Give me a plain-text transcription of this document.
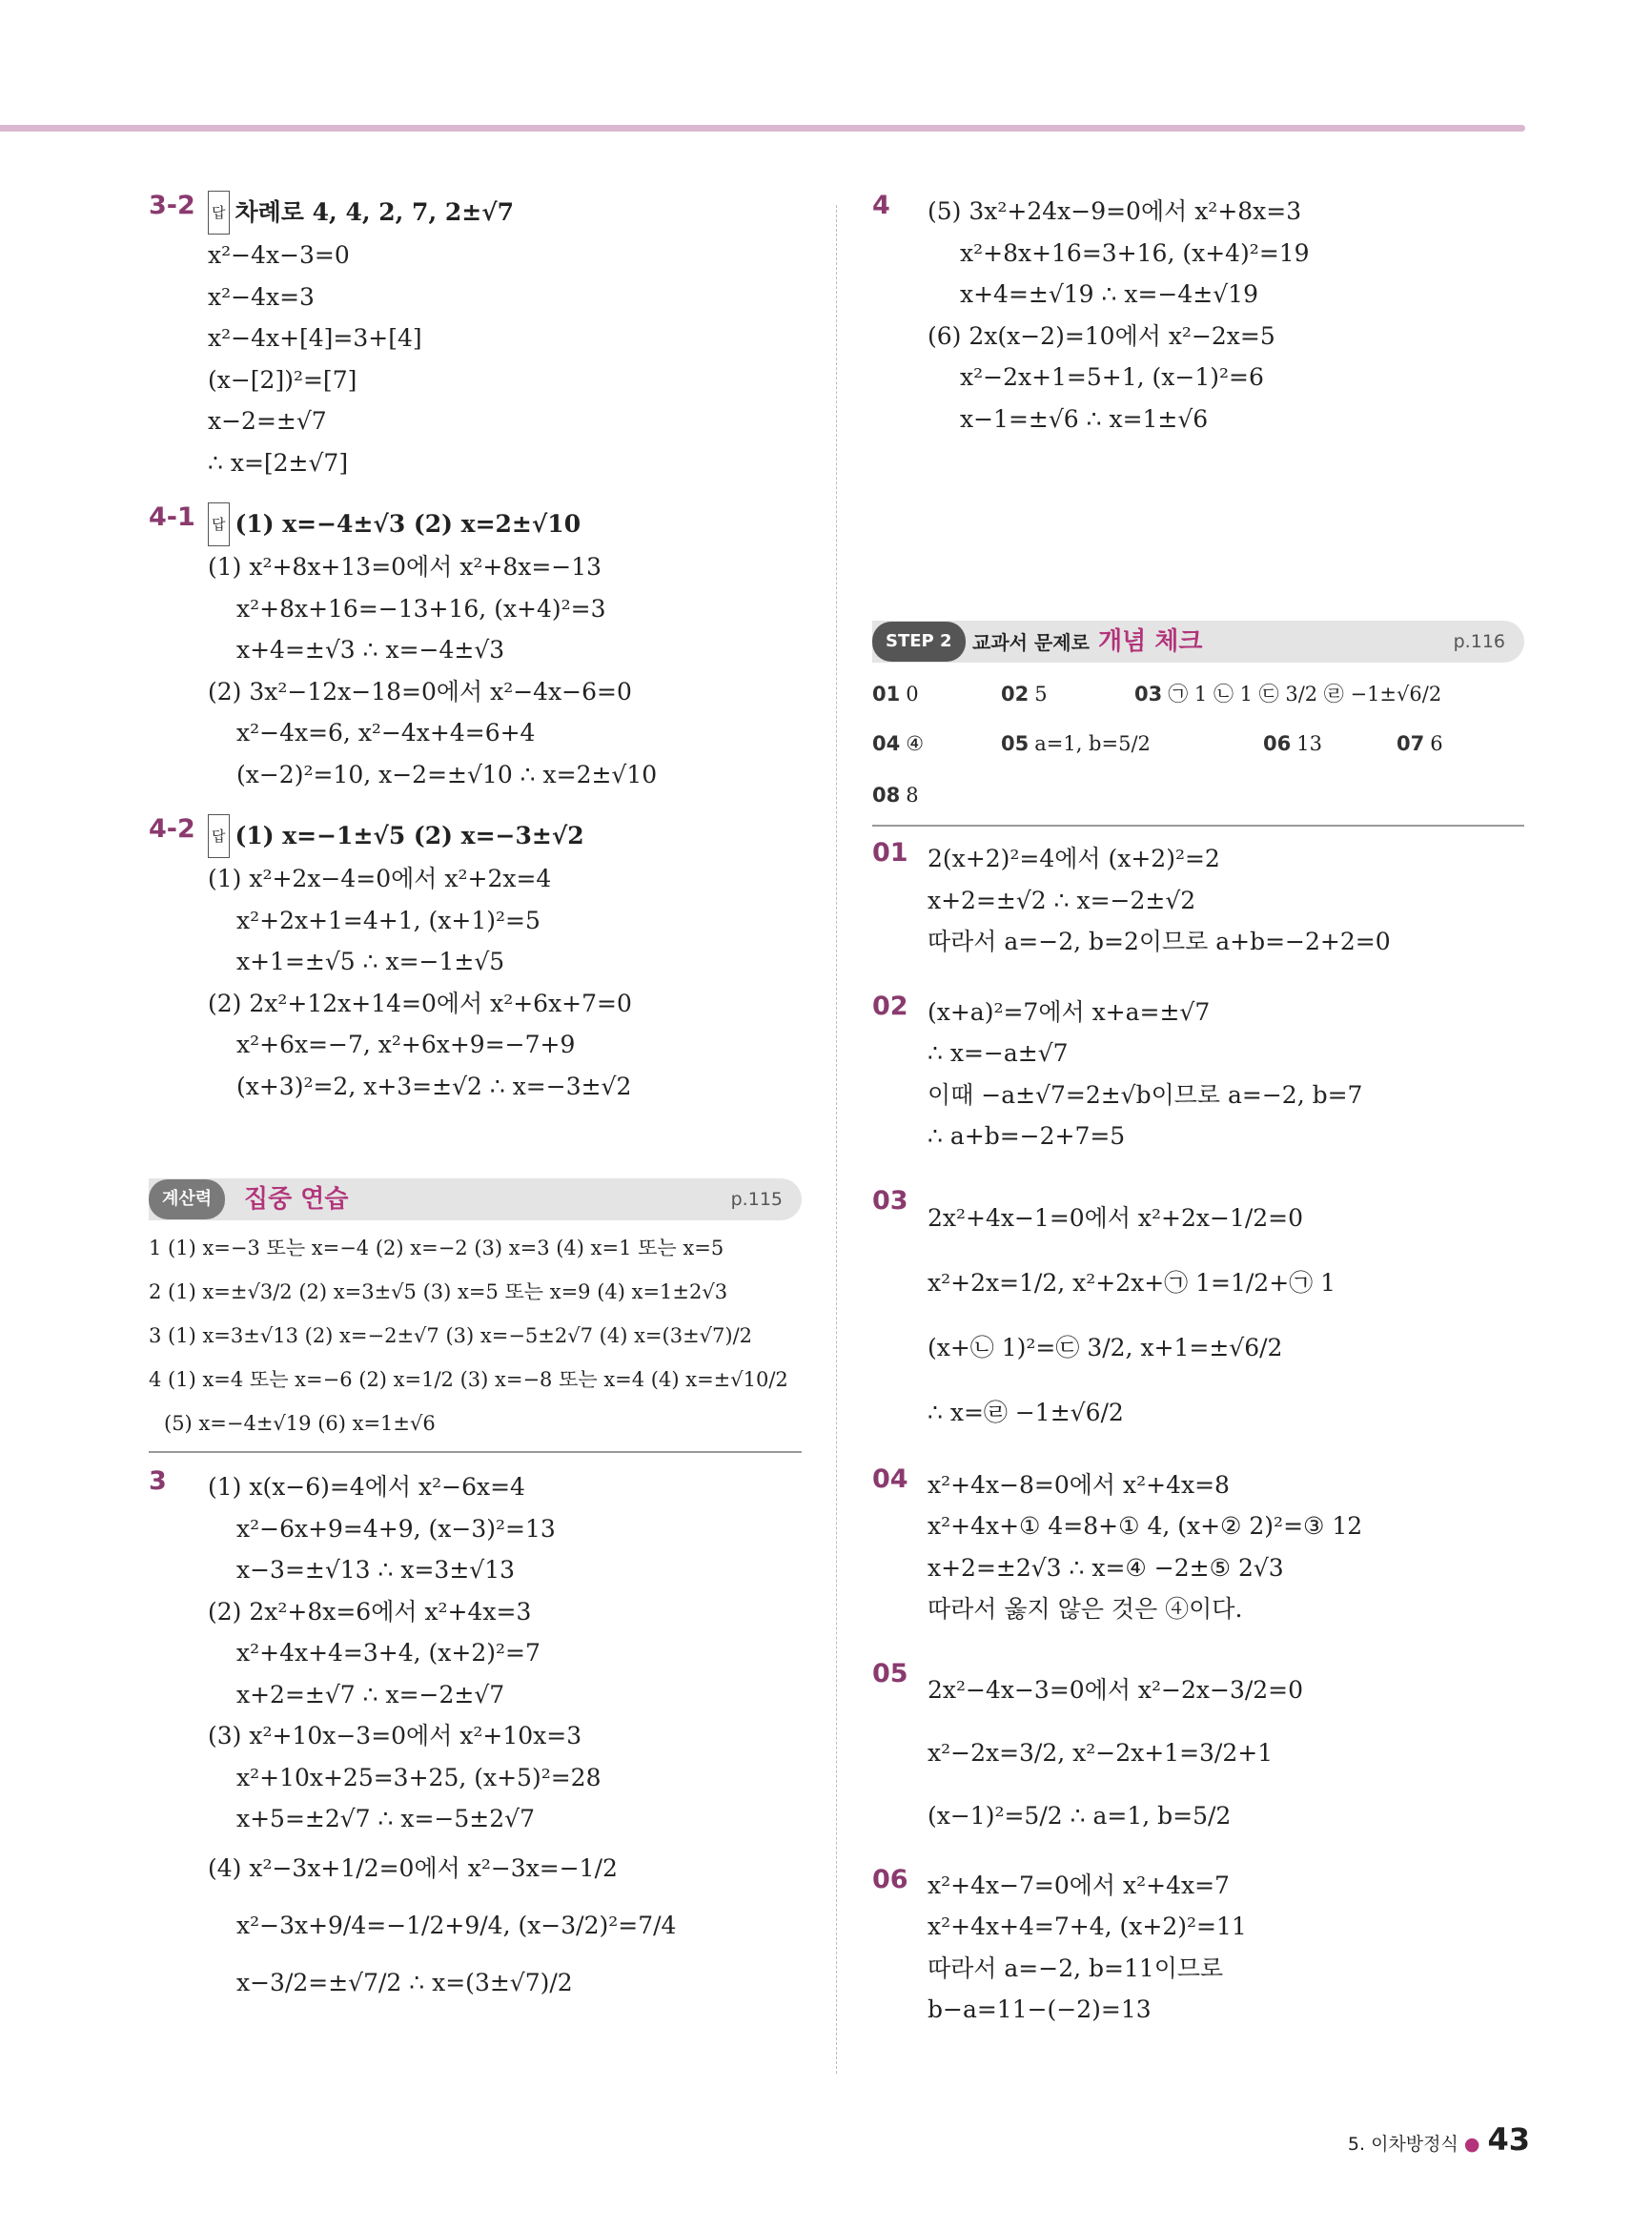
3-2 답 차례로 4, 4, 2, 7, 2±√7
x²−4x−3=0
x²−4x=3
x²−4x+[4]=3+[4]
(x−[2])²=[7]
x−2=±√7
∴ x=[2±√7]
4-1 답 (1) x=−4±√3 (2) x=2±√10
(1) x²+8x+13=0에서 x²+8x=−13
x²+8x+16=−13+16, (x+4)²=3
x+4=±√3 ∴ x=−4±√3
(2) 3x²−12x−18=0에서 x²−4x−6=0
x²−4x=6, x²−4x+4=6+4
(x−2)²=10, x−2=±√10 ∴ x=2±√10
4-2 답 (1) x=−1±√5 (2) x=−3±√2
(1) x²+2x−4=0에서 x²+2x=4
x²+2x+1=4+1, (x+1)²=5
x+1=±√5 ∴ x=−1±√5
(2) 2x²+12x+14=0에서 x²+6x+7=0
x²+6x=−7, x²+6x+9=−7+9
(x+3)²=2, x+3=±√2 ∴ x=−3±√2
계산력	집중 연습	p.115
1 (1) x=−3 또는 x=−4 (2) x=−2 (3) x=3 (4) x=1 또는 x=5
2 (1) x=±√3/2 (2) x=3±√5 (3) x=5 또는 x=9 (4) x=1±2√3
3 (1) x=3±√13 (2) x=−2±√7 (3) x=−5±2√7 (4) x=(3±√7)/2
4 (1) x=4 또는 x=−6 (2) x=1/2 (3) x=−8 또는 x=4 (4) x=±√10/2
(5) x=−4±√19 (6) x=1±√6
3 (1) x(x−6)=4에서 x²−6x=4
x²−6x+9=4+9, (x−3)²=13
x−3=±√13 ∴ x=3±√13
(2) 2x²+8x=6에서 x²+4x=3
x²+4x+4=3+4, (x+2)²=7
x+2=±√7 ∴ x=−2±√7
(3) x²+10x−3=0에서 x²+10x=3
x²+10x+25=3+25, (x+5)²=28
x+5=±2√7 ∴ x=−5±2√7
(4) x²−3x+1/2=0에서 x²−3x=−1/2
x²−3x+9/4=−1/2+9/4, (x−3/2)²=7/4
x−3/2=±√7/2 ∴ x=(3±√7)/2
4 (5) 3x²+24x−9=0에서 x²+8x=3
x²+8x+16=3+16, (x+4)²=19
x+4=±√19 ∴ x=−4±√19
(6) 2x(x−2)=10에서 x²−2x=5
x²−2x+1=5+1, (x−1)²=6
x−1=±√6 ∴ x=1±√6
STEP 2	교과서 문제로 개념 체크	p.116
01 0	02 5	03 ㉠ 1 ㉡ 1 ㉢ 3/2 ㉣ −1±√6/2
04 ④	05 a=1, b=5/2	06 13	07 6
08 8
01 2(x+2)²=4에서 (x+2)²=2
x+2=±√2 ∴ x=−2±√2
따라서 a=−2, b=2이므로 a+b=−2+2=0
02 (x+a)²=7에서 x+a=±√7
∴ x=−a±√7
이때 −a±√7=2±√b이므로 a=−2, b=7
∴ a+b=−2+7=5
03
2x²+4x−1=0에서 x²+2x−1/2=0
x²+2x=1/2, x²+2x+㉠ 1=1/2+㉠ 1
(x+㉡ 1)²=㉢ 3/2, x+1=±√6/2
∴ x=㉣ −1±√6/2
04 x²+4x−8=0에서 x²+4x=8
x²+4x+① 4=8+① 4, (x+② 2)²=③ 12
x+2=±2√3 ∴ x=④ −2±⑤ 2√3
따라서 옳지 않은 것은 ④이다.
05
2x²−4x−3=0에서 x²−2x−3/2=0
x²−2x=3/2, x²−2x+1=3/2+1
(x−1)²=5/2 ∴ a=1, b=5/2
06 x²+4x−7=0에서 x²+4x=7
x²+4x+4=7+4, (x+2)²=11
따라서 a=−2, b=11이므로
b−a=11−(−2)=13
5. 이차방정식 ● 43
